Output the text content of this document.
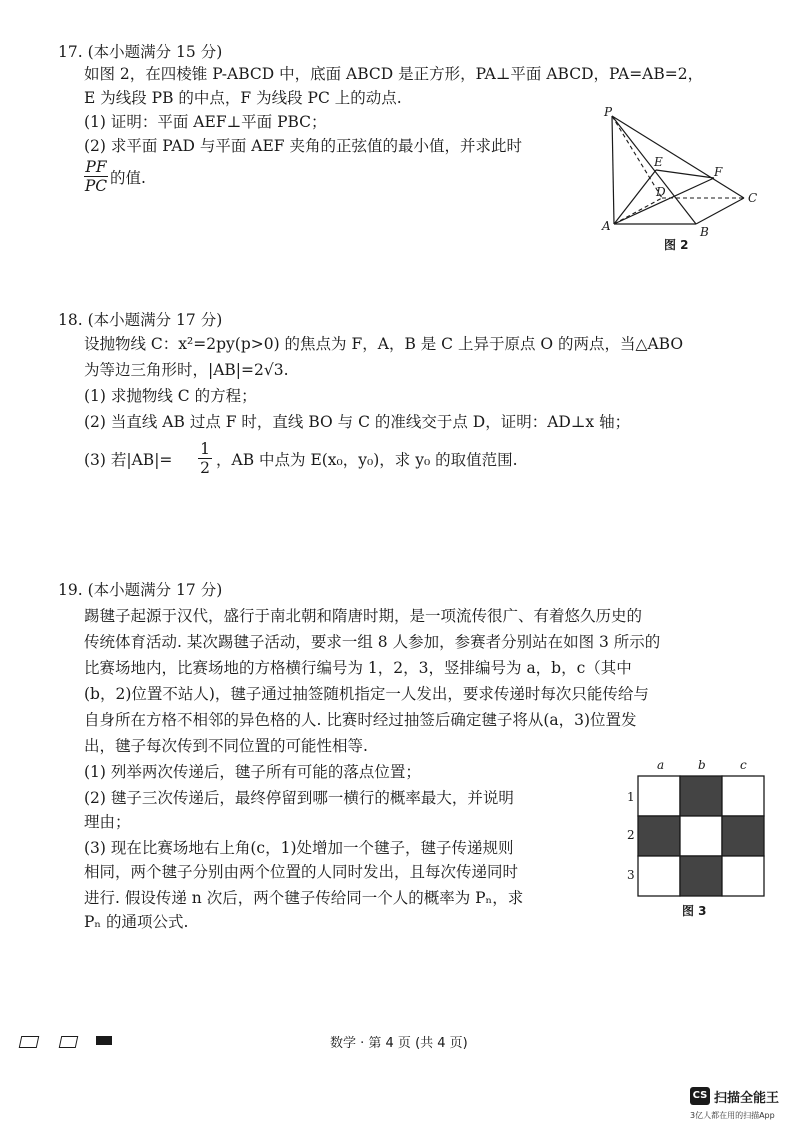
17. (本小题满分 15 分)
如图 2，在四棱锥 P-ABCD 中，底面 ABCD 是正方形，PA⊥平面 ABCD，PA=AB=2，
E 为线段 PB 的中点，F 为线段 PC 上的动点.
(1) 证明：平面 AEF⊥平面 PBC；
(2) 求平面 PAD 与平面 AEF 夹角的正弦值的最小值，并求此时
$\frac{PF}{PC}$ 的值.
P
A	B
C
D
E
F
图 2
18. (本小题满分 17 分)
设抛物线 C：x²=2py(p>0) 的焦点为 F，A，B 是 C 上异于原点 O 的两点，当△ABO
为等边三角形时，|AB|=2√3.
(1) 求抛物线 C 的方程；
(2) 当直线 AB 过点 F 时，直线 BO 与 C 的准线交于点 D，证明：AD⊥x 轴；
(3) 若$|AB|= \frac{1}{2}$ ，AB 中点为 E(x₀，y₀)，求 y₀ 的取值范围.
19. (本小题满分 17 分)
踢毽子起源于汉代，盛行于南北朝和隋唐时期，是一项流传很广、有着悠久历史的
传统体育活动. 某次踢毽子活动，要求一组 8 人参加，参赛者分别站在如图 3 所示的
比赛场地内，比赛场地的方格横行编号为 1，2，3，竖排编号为 a，b，c（其中
(b，2)位置不站人)，毽子通过抽签随机指定一人发出，要求传递时每次只能传给与
自身所在方格不相邻的异色格的人. 比赛时经过抽签后确定毽子将从(a，3)位置发
出，毽子每次传到不同位置的可能性相等.
(1) 列举两次传递后，毽子所有可能的落点位置；
(2) 毽子三次传递后，最终停留到哪一横行的概率最大，并说明
理由；
(3) 现在比赛场地右上角(c，1)处增加一个毽子，毽子传递规则
相同，两个毽子分别由两个位置的人同时发出，且每次传递同时
进行. 假设传递 n 次后，两个毽子传给同一个人的概率为 Pₙ，求
Pₙ 的通项公式.
a	b	c
1
2
3
图 3
数学 · 第 4 页 (共 4 页)
CS 扫描全能王
3亿人都在用的扫描App
